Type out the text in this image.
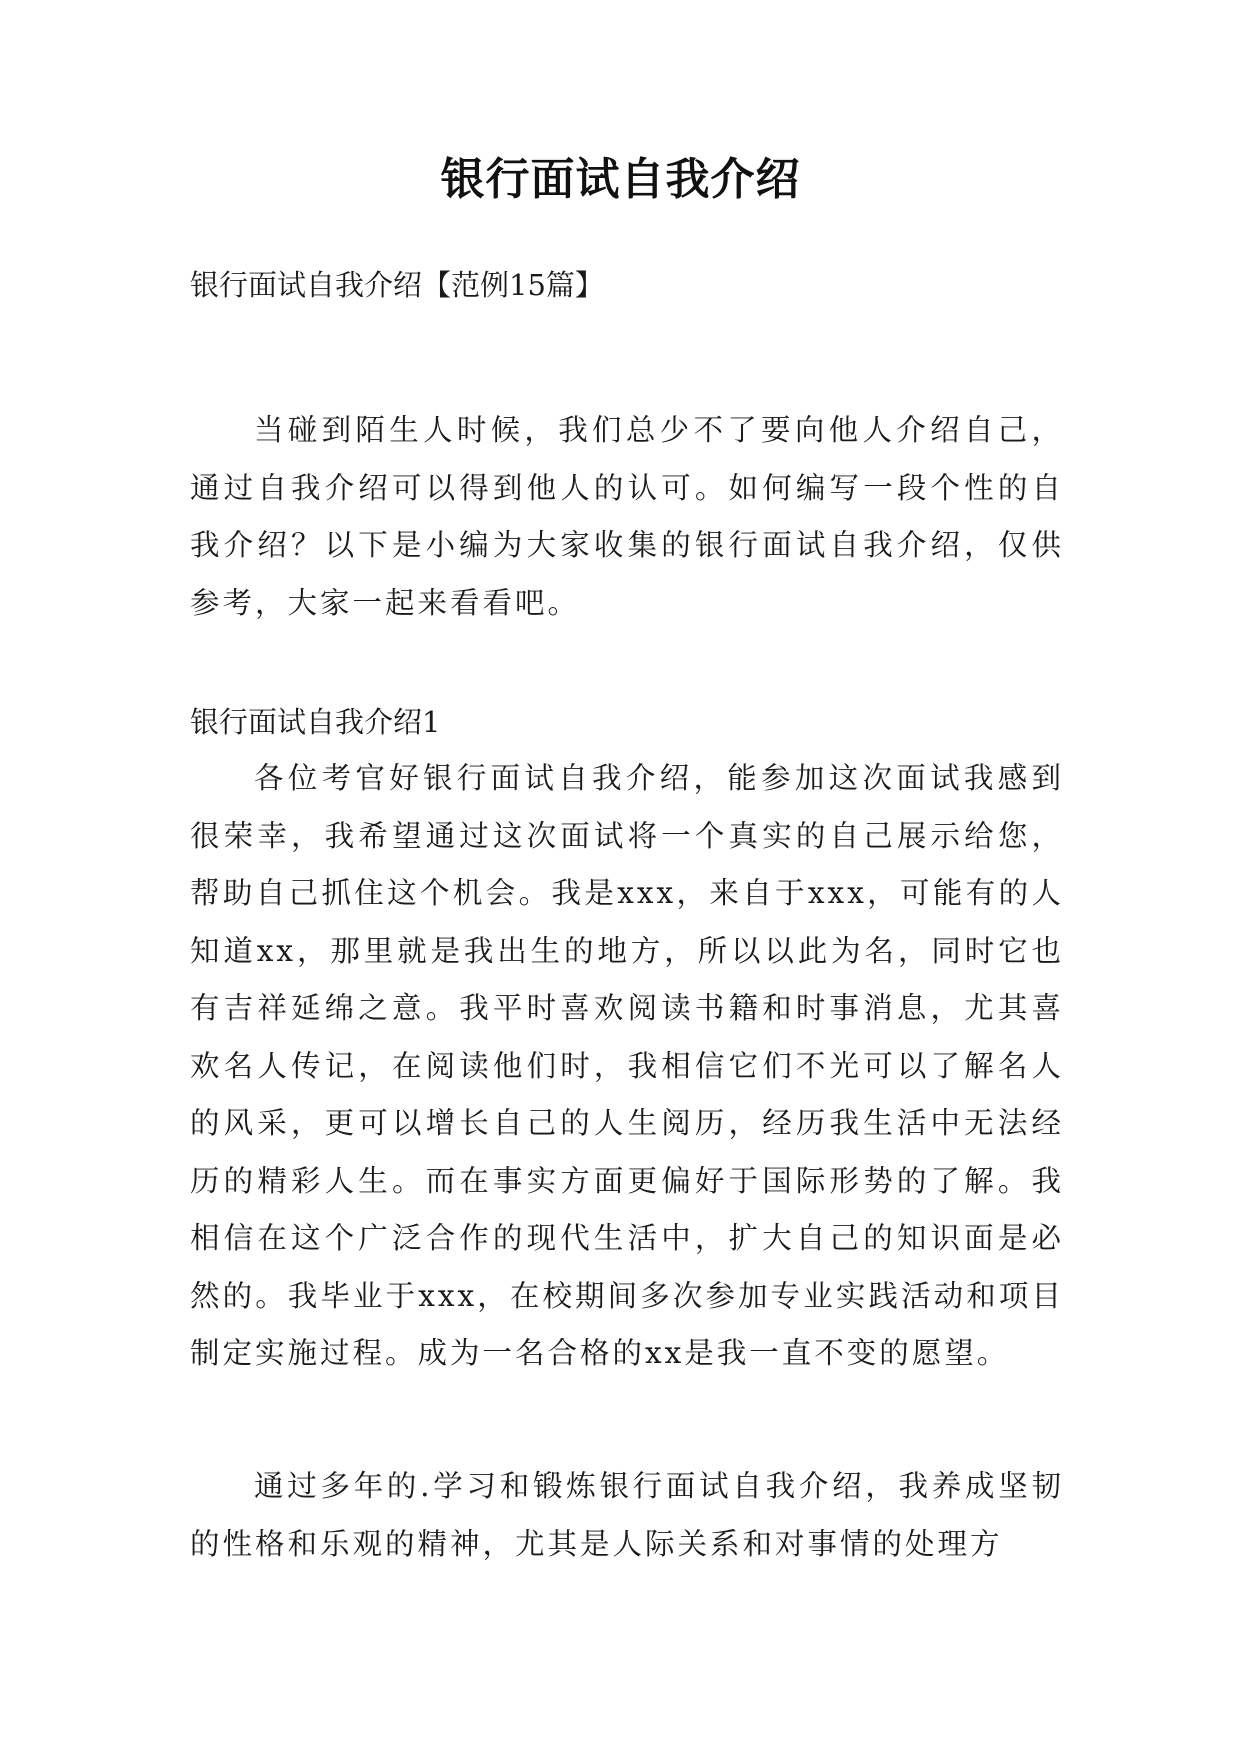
银行面试自我介绍

银行面试自我介绍【范例15篇】

当碰到陌生人时候，我们总少不了要向他人介绍自己，通过自我介绍可以得到他人的认可。如何编写一段个性的自我介绍？以下是小编为大家收集的银行面试自我介绍，仅供参考，大家一起来看看吧。

银行面试自我介绍1

各位考官好银行面试自我介绍，能参加这次面试我感到很荣幸，我希望通过这次面试将一个真实的自己展示给您，帮助自己抓住这个机会。我是xxx，来自于xxx，可能有的人知道xx，那里就是我出生的地方，所以以此为名，同时它也有吉祥延绵之意。我平时喜欢阅读书籍和时事消息，尤其喜欢名人传记，在阅读他们时，我相信它们不光可以了解名人的风采，更可以增长自己的人生阅历，经历我生活中无法经历的精彩人生。而在事实方面更偏好于国际形势的了解。我相信在这个广泛合作的现代生活中，扩大自己的知识面是必然的。我毕业于xxx，在校期间多次参加专业实践活动和项目制定实施过程。成为一名合格的xx是我一直不变的愿望。

通过多年的.学习和锻炼银行面试自我介绍，我养成坚韧的性格和乐观的精神，尤其是人际关系和对事情的处理方
